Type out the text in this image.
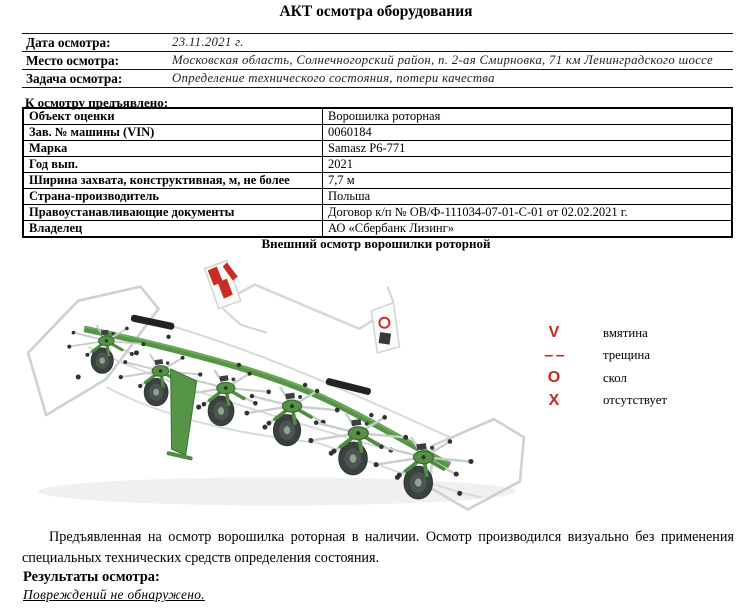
АКТ осмотра оборудования
Дата осмотра:	23.11.2021 г.
Место осмотра:	Московская область, Солнечногорский район, п. 2-ая Смирновка, 71 км Ленинградского шоссе
Задача осмотра:	Определение технического состояния, потери качества
К осмотру предъявлено:
Объект оценки	Ворошилка роторная
Зав. № машины (VIN)	0060184
Марка	Samasz P6-771
Год вып.	2021
Ширина захвата, конструктивная, м, не более	7,7 м
Страна-производитель	Польша
Правоустанавливающие документы	Договор к/п № ОВ/Ф-111034-07-01-С-01 от 02.02.2021 г.
Владелец	АО «Сбербанк Лизинг»
Внешний осмотр ворошилки роторной
V	вмятина
– –	трещина
O	скол
X	отсутствует

Предъявленная на осмотр ворошилка роторная в наличии. Осмотр производился визуально без применения специальных технических средств определения состояния.

Результаты осмотра:
Повреждений не обнаружено.
